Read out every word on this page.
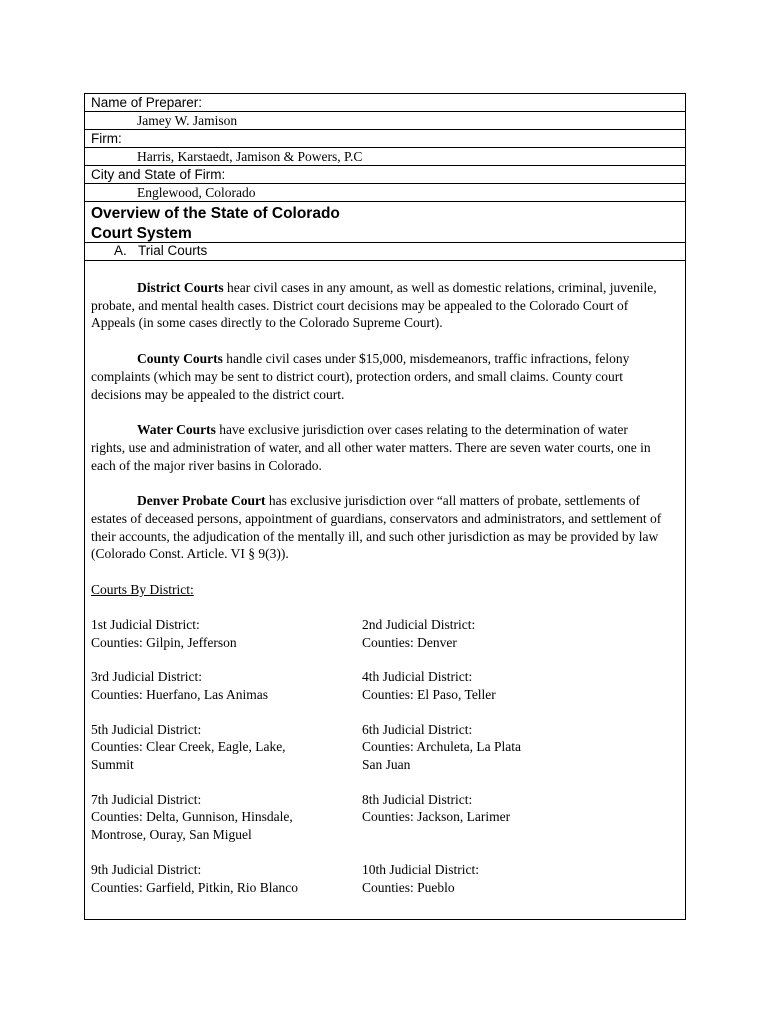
Name of Preparer:
Jamey W. Jamison
Firm:
Harris, Karstaedt, Jamison & Powers, P.C
City and State of Firm:
Englewood, Colorado
Overview of the State of Colorado
Court System
A. Trial Courts

District Courts hear civil cases in any amount, as well as domestic relations, criminal, juvenile, probate, and mental health cases. District court decisions may be appealed to the Colorado Court of Appeals (in some cases directly to the Colorado Supreme Court).

County Courts handle civil cases under $15,000, misdemeanors, traffic infractions, felony complaints (which may be sent to district court), protection orders, and small claims. County court decisions may be appealed to the district court.

Water Courts have exclusive jurisdiction over cases relating to the determination of water rights, use and administration of water, and all other water matters. There are seven water courts, one in each of the major river basins in Colorado.

Denver Probate Court has exclusive jurisdiction over “all matters of probate, settlements of estates of deceased persons, appointment of guardians, conservators and administrators, and settlement of their accounts, the adjudication of the mentally ill, and such other jurisdiction as may be provided by law (Colorado Const. Article. VI § 9(3)).

Courts By District:
1st Judicial District:
Counties: Gilpin, Jefferson
2nd Judicial District:
Counties: Denver
3rd Judicial District:
Counties: Huerfano, Las Animas
4th Judicial District:
Counties: El Paso, Teller
5th Judicial District:
Counties: Clear Creek, Eagle, Lake,
Summit
6th Judicial District:
Counties: Archuleta, La Plata
San Juan
7th Judicial District:
Counties: Delta, Gunnison, Hinsdale,
Montrose, Ouray, San Miguel
8th Judicial District:
Counties: Jackson, Larimer
9th Judicial District:
Counties: Garfield, Pitkin, Rio Blanco
10th Judicial District:
Counties: Pueblo
